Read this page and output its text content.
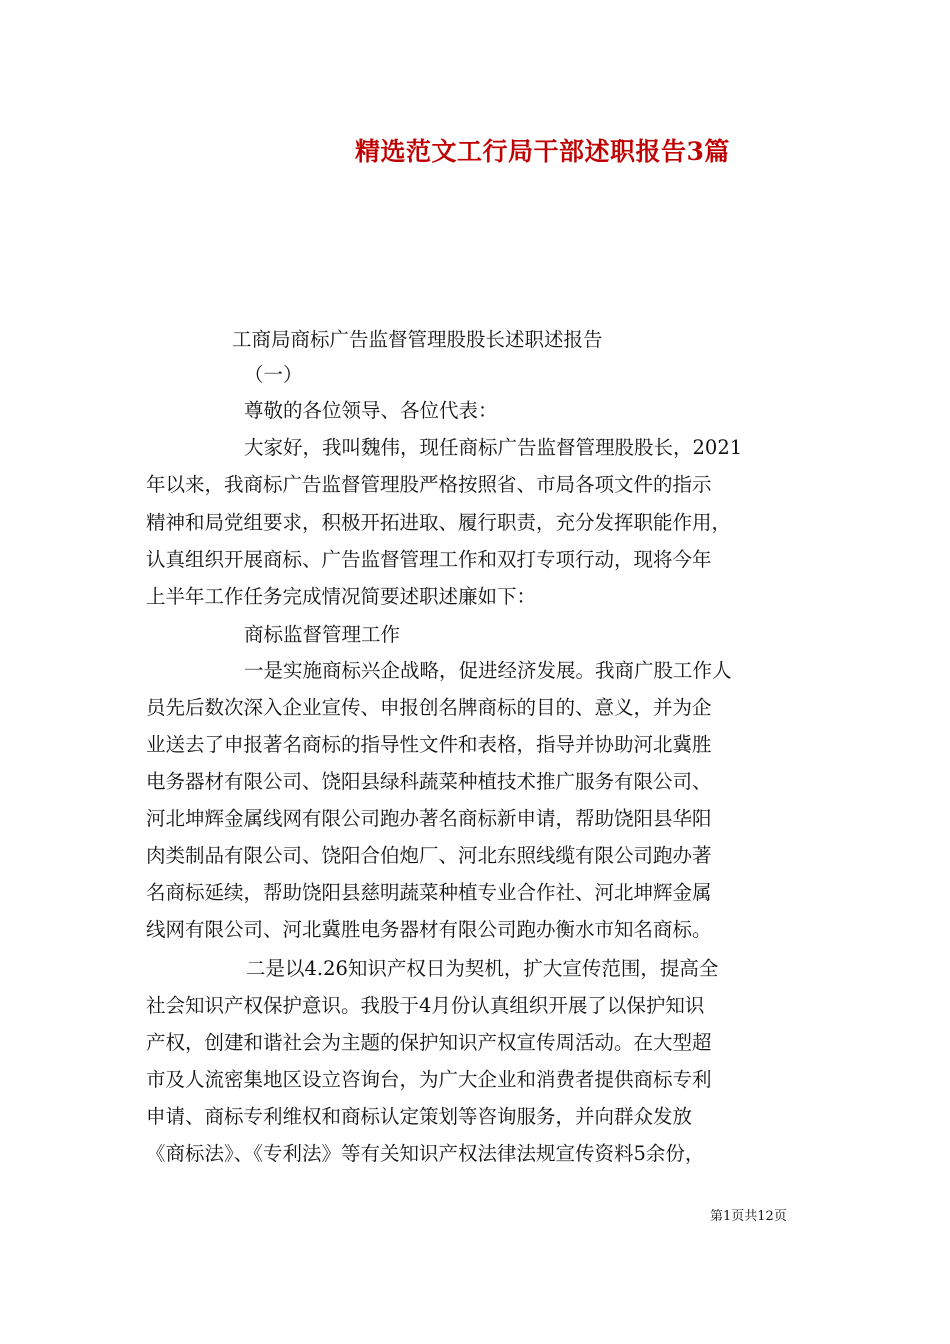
精选范文工行局干部述职报告3篇
工商局商标广告监督管理股股长述职述报告
（一）
尊敬的各位领导、各位代表：
大家好，我叫魏伟，现任商标广告监督管理股股长，2021
年以来，我商标广告监督管理股严格按照省、市局各项文件的指示
精神和局党组要求，积极开拓进取、履行职责，充分发挥职能作用，
认真组织开展商标、广告监督管理工作和双打专项行动，现将今年
上半年工作任务完成情况简要述职述廉如下：
商标监督管理工作
一是实施商标兴企战略，促进经济发展。我商广股工作人
员先后数次深入企业宣传、申报创名牌商标的目的、意义，并为企
业送去了申报著名商标的指导性文件和表格，指导并协助河北冀胜
电务器材有限公司、饶阳县绿科蔬菜种植技术推广服务有限公司、
河北坤辉金属线网有限公司跑办著名商标新申请，帮助饶阳县华阳
肉类制品有限公司、饶阳合伯炮厂、河北东照线缆有限公司跑办著
名商标延续，帮助饶阳县慈明蔬菜种植专业合作社、河北坤辉金属
线网有限公司、河北冀胜电务器材有限公司跑办衡水市知名商标。
二是以4.26知识产权日为契机，扩大宣传范围，提高全
社会知识产权保护意识。我股于4月份认真组织开展了以保护知识
产权，创建和谐社会为主题的保护知识产权宣传周活动。在大型超
市及人流密集地区设立咨询台，为广大企业和消费者提供商标专利
申请、商标专利维权和商标认定策划等咨询服务，并向群众发放
《商标法》、《专利法》等有关知识产权法律法规宣传资料5余份，
第1页共12页
